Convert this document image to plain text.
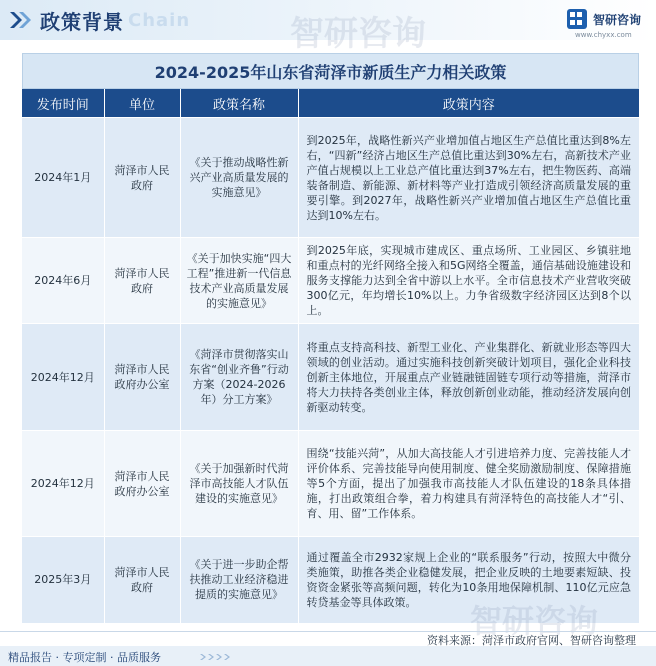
政策背景 Chain	智研咨询
www.chyxx.com
2024-2025年山东省菏泽市新质生产力相关政策
发布时间	单位	政策名称	政策内容
2024年1月	菏泽市人民政府	《关于推动战略性新兴产业高质量发展的实施意见》	到2025年，战略性新兴产业增加值占地区生产总值比重达到8%左右，“四新”经济占地区生产总值比重达到30%左右，高新技术产业产值占规模以上工业总产值比重达到37%左右，把生物医药、高端装备制造、新能源、新材料等产业打造成引领经济高质量发展的重要引擎。到2027年，战略性新兴产业增加值占地区生产总值比重达到10%左右。
2024年6月	菏泽市人民政府	《关于加快实施“四大工程”推进新一代信息技术产业高质量发展的实施意见》	到2025年底，实现城市建成区、重点场所、工业园区、乡镇驻地和重点村的光纤网络全接入和5G网络全覆盖，通信基础设施建设和服务支撑能力达到全省中游以上水平。全市信息技术产业营收突破300亿元，年均增长10%以上。力争省级数字经济园区达到8个以上。
2024年12月	菏泽市人民政府办公室	《菏泽市贯彻落实山东省“创业齐鲁”行动方案（2024-2026年）分工方案》	将重点支持高科技、新型工业化、产业集群化、新就业形态等四大领域的创业活动。通过实施科技创新突破计划项目，强化企业科技创新主体地位，开展重点产业链融链固链专项行动等措施，菏泽市将大力扶持各类创业主体，释放创新创业动能，推动经济发展向创新驱动转变。
2024年12月	菏泽市人民政府办公室	《关于加强新时代菏泽市高技能人才队伍建设的实施意见》	围绕“技能兴菏”，从加大高技能人才引进培养力度、完善技能人才评价体系、完善技能导向使用制度、健全奖励激励制度、保障措施等5个方面，提出了加强我市高技能人才队伍建设的18条具体措施，打出政策组合拳，着力构建具有菏泽特色的高技能人才“引、育、用、留”工作体系。
2025年3月	菏泽市人民政府	《关于进一步助企帮扶推动工业经济稳进提质的实施意见》	通过覆盖全市2932家规上企业的“联系服务”行动，按照大中微分类施策，助推各类企业稳健发展，把企业反映的土地要素短缺、投资资金紧张等高频问题，转化为10条用地保障机制、110亿元应急转贷基金等具体政策。
资料来源：菏泽市政府官网、智研咨询整理
精品报告 · 专项定制 · 品质服务
